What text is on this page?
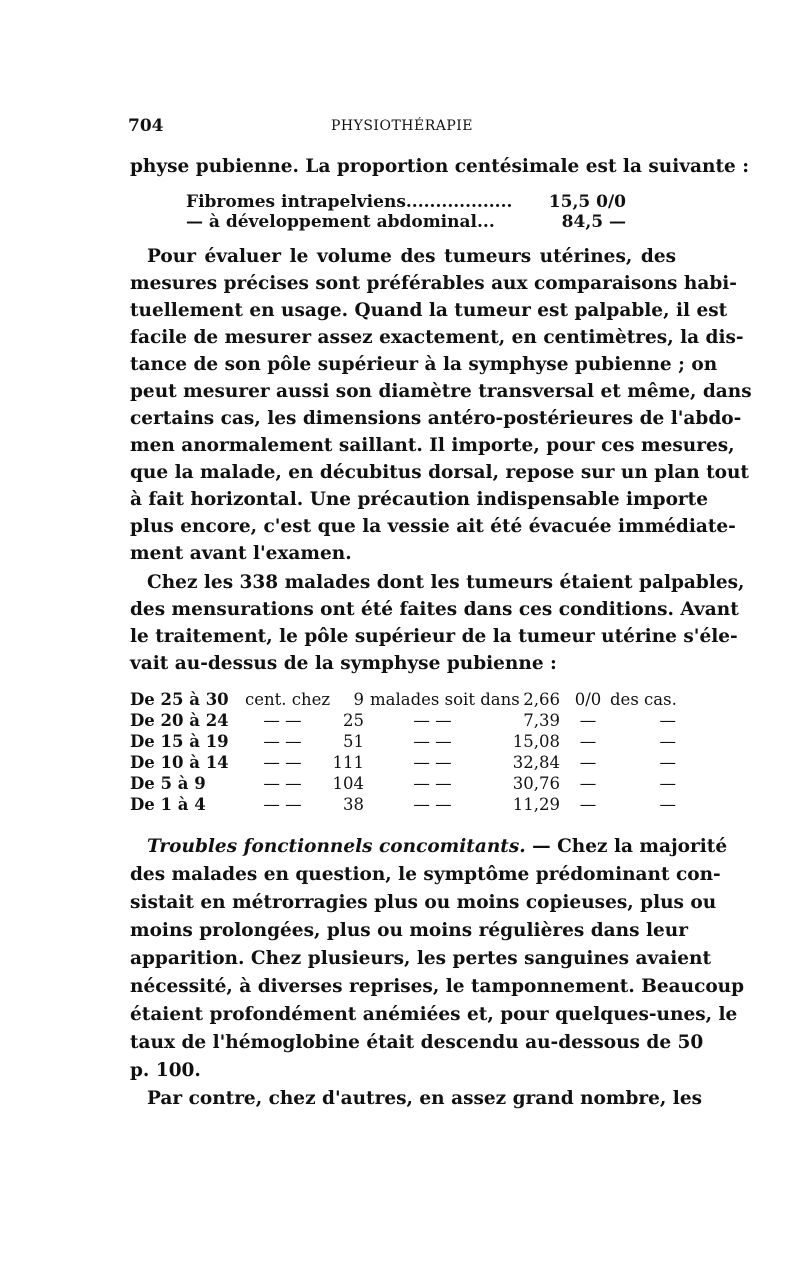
704	PHYSIOTHÉRAPIE
physe pubienne. La proportion centésimale est la suivante :
Fibromes intrapelviens.................. 15,5 0/0
— à développement abdominal...	84,5 —
Pour évaluer le volume des tumeurs utérines, des
mesures précises sont préférables aux comparaisons habi-
tuellement en usage. Quand la tumeur est palpable, il est
facile de mesurer assez exactement, en centimètres, la dis-
tance de son pôle supérieur à la symphyse pubienne ; on
peut mesurer aussi son diamètre transversal et même, dans
certains cas, les dimensions antéro-postérieures de l'abdo-
men anormalement saillant. Il importe, pour ces mesures,
que la malade, en décubitus dorsal, repose sur un plan tout
à fait horizontal. Une précaution indispensable importe
plus encore, c'est que la vessie ait été évacuée immédiate-
ment avant l'examen.
Chez les 338 malades dont les tumeurs étaient palpables,
des mensurations ont été faites dans ces conditions. Avant
le traitement, le pôle supérieur de la tumeur utérine s'éle-
vait au-dessus de la symphyse pubienne :
De 25 à 30 cent. chez	9 malades soit dans 2,66 0/0 des cas.
De 20 à 24	— —	25	— —	7,39	—	—
De 15 à 19	— —	51	— —	15,08	—	—
De 10 à 14	— —	111	— —	32,84	—	—
De 5 à 9	— —	104	— —	30,76	—	—
De 1 à 4	— —	38	— —	11,29	—	—
Troubles fonctionnels concomitants. — Chez la majorité
des malades en question, le symptôme prédominant con-
sistait en métrorragies plus ou moins copieuses, plus ou
moins prolongées, plus ou moins régulières dans leur
apparition. Chez plusieurs, les pertes sanguines avaient
nécessité, à diverses reprises, le tamponnement. Beaucoup
étaient profondément anémiées et, pour quelques-unes, le
taux de l'hémoglobine était descendu au-dessous de 50
p. 100.
Par contre, chez d'autres, en assez grand nombre, les
